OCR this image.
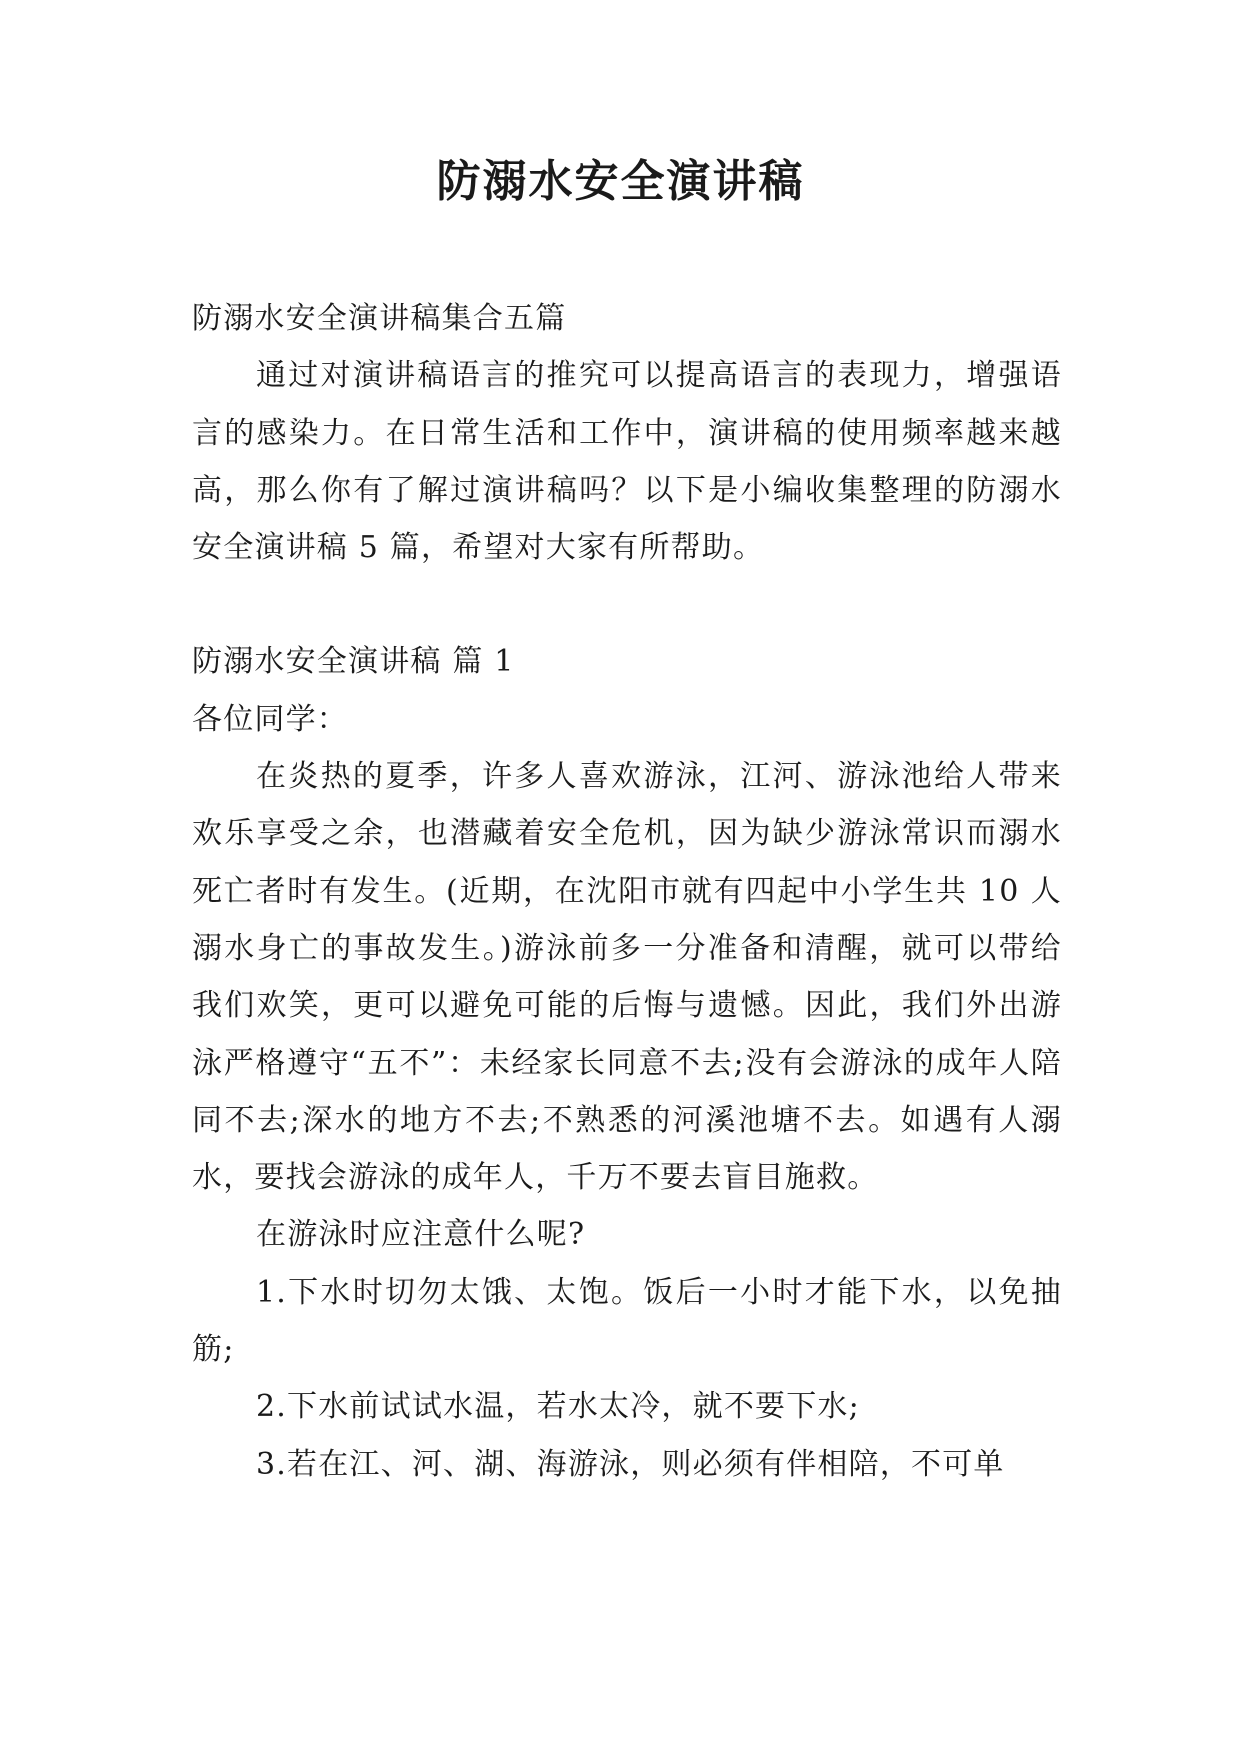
防溺水安全演讲稿

防溺水安全演讲稿集合五篇

通过对演讲稿语言的推究可以提高语言的表现力，增强语言的感染力。在日常生活和工作中，演讲稿的使用频率越来越高，那么你有了解过演讲稿吗？以下是小编收集整理的防溺水安全演讲稿 5 篇，希望对大家有所帮助。

防溺水安全演讲稿 篇 1

各位同学：

在炎热的夏季，许多人喜欢游泳，江河、游泳池给人带来欢乐享受之余，也潜藏着安全危机，因为缺少游泳常识而溺水死亡者时有发生。(近期，在沈阳市就有四起中小学生共 10 人溺水身亡的事故发生。)游泳前多一分准备和清醒，就可以带给我们欢笑，更可以避免可能的后悔与遗憾。因此，我们外出游泳严格遵守“五不”：未经家长同意不去;没有会游泳的成年人陪同不去;深水的地方不去;不熟悉的河溪池塘不去。如遇有人溺水，要找会游泳的成年人，千万不要去盲目施救。

在游泳时应注意什么呢?

1.下水时切勿太饿、太饱。饭后一小时才能下水，以免抽筋;

2.下水前试试水温，若水太冷，就不要下水;

3.若在江、河、湖、海游泳，则必须有伴相陪，不可单
